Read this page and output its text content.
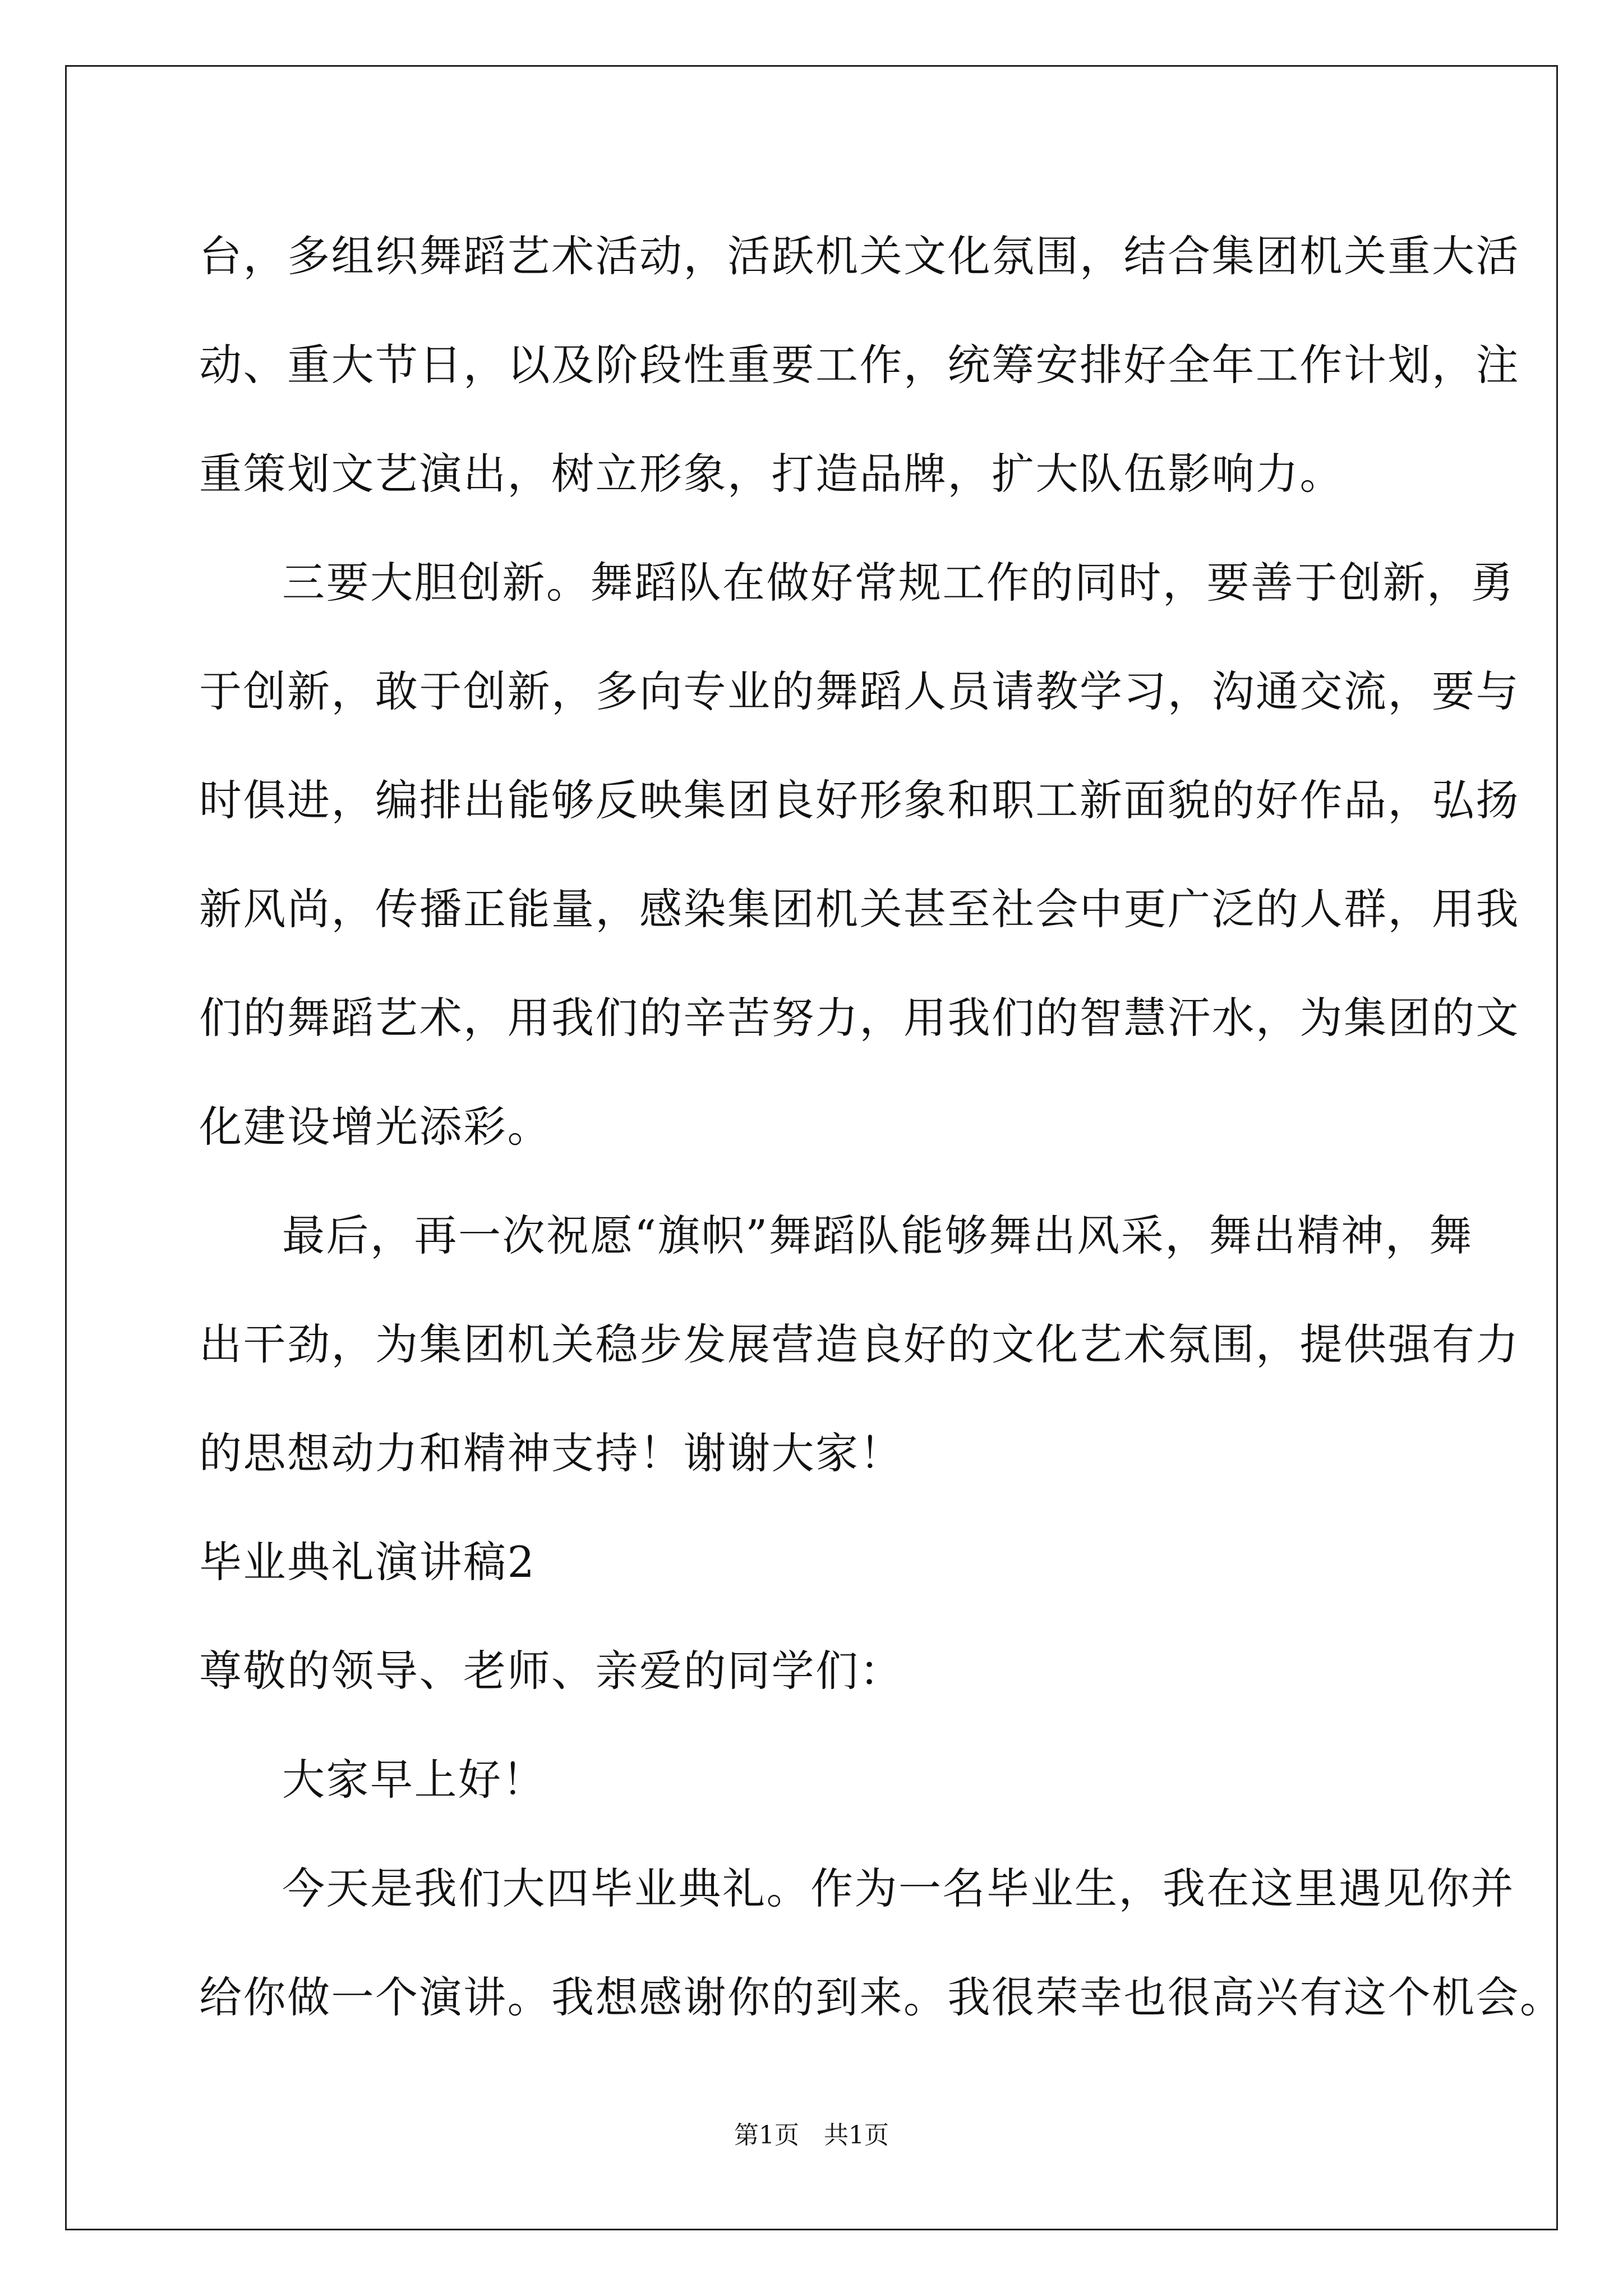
台，多组织舞蹈艺术活动，活跃机关文化氛围，结合集团机关重大活
动、重大节日，以及阶段性重要工作，统筹安排好全年工作计划，注
重策划文艺演出，树立形象，打造品牌，扩大队伍影响力。
三要大胆创新。舞蹈队在做好常规工作的同时，要善于创新，勇
于创新，敢于创新，多向专业的舞蹈人员请教学习，沟通交流，要与
时俱进，编排出能够反映集团良好形象和职工新面貌的好作品，弘扬
新风尚，传播正能量，感染集团机关甚至社会中更广泛的人群，用我
们的舞蹈艺术，用我们的辛苦努力，用我们的智慧汗水，为集团的文
化建设增光添彩。
最后，再一次祝愿“旗帜”舞蹈队能够舞出风采，舞出精神，舞
出干劲，为集团机关稳步发展营造良好的文化艺术氛围，提供强有力
的思想动力和精神支持！谢谢大家！
毕业典礼演讲稿2
尊敬的领导、老师、亲爱的同学们：
大家早上好！
今天是我们大四毕业典礼。作为一名毕业生，我在这里遇见你并
给你做一个演讲。我想感谢你的到来。我很荣幸也很高兴有这个机会。
第1页　共1页
